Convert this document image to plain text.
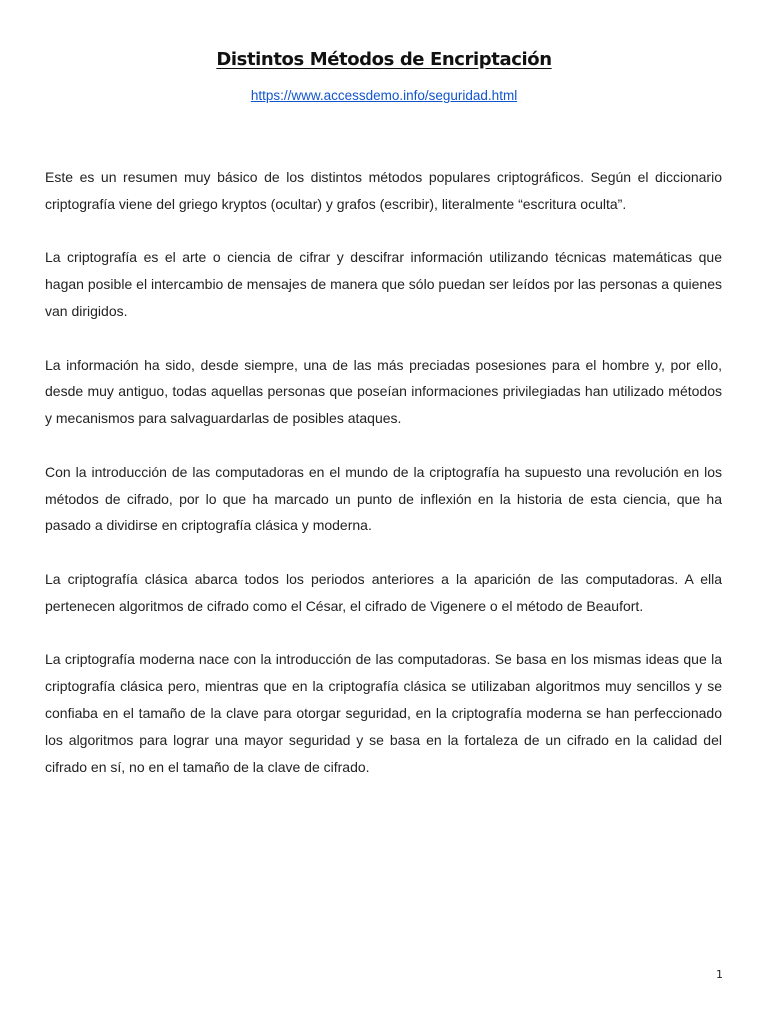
Distintos Métodos de Encriptación
https://www.accessdemo.info/seguridad.html

Este es un resumen muy básico de los distintos métodos populares criptográficos. Según el diccionario criptografía viene del griego kryptos (ocultar) y grafos (escribir), literalmente “escritura oculta”.

La criptografía es el arte o ciencia de cifrar y descifrar información utilizando técnicas matemáticas que hagan posible el intercambio de mensajes de manera que sólo puedan ser leídos por las personas a quienes van dirigidos.

La información ha sido, desde siempre, una de las más preciadas posesiones para el hombre y, por ello, desde muy antiguo, todas aquellas personas que poseían informaciones privilegiadas han utilizado métodos y mecanismos para salvaguardarlas de posibles ataques.

Con la introducción de las computadoras en el mundo de la criptografía ha supuesto una revolución en los métodos de cifrado, por lo que ha marcado un punto de inflexión en la historia de esta ciencia, que ha pasado a dividirse en criptografía clásica y moderna.

La criptografía clásica abarca todos los periodos anteriores a la aparición de las computadoras. A ella pertenecen algoritmos de cifrado como el César, el cifrado de Vigenere o el método de Beaufort.

La criptografía moderna nace con la introducción de las computadoras. Se basa en los mismas ideas que la criptografía clásica pero, mientras que en la criptografía clásica se utilizaban algoritmos muy sencillos y se confiaba en el tamaño de la clave para otorgar seguridad, en la criptografía moderna se han perfeccionado los algoritmos para lograr una mayor seguridad y se basa en la fortaleza de un cifrado en la calidad del cifrado en sí, no en el tamaño de la clave de cifrado.

1
